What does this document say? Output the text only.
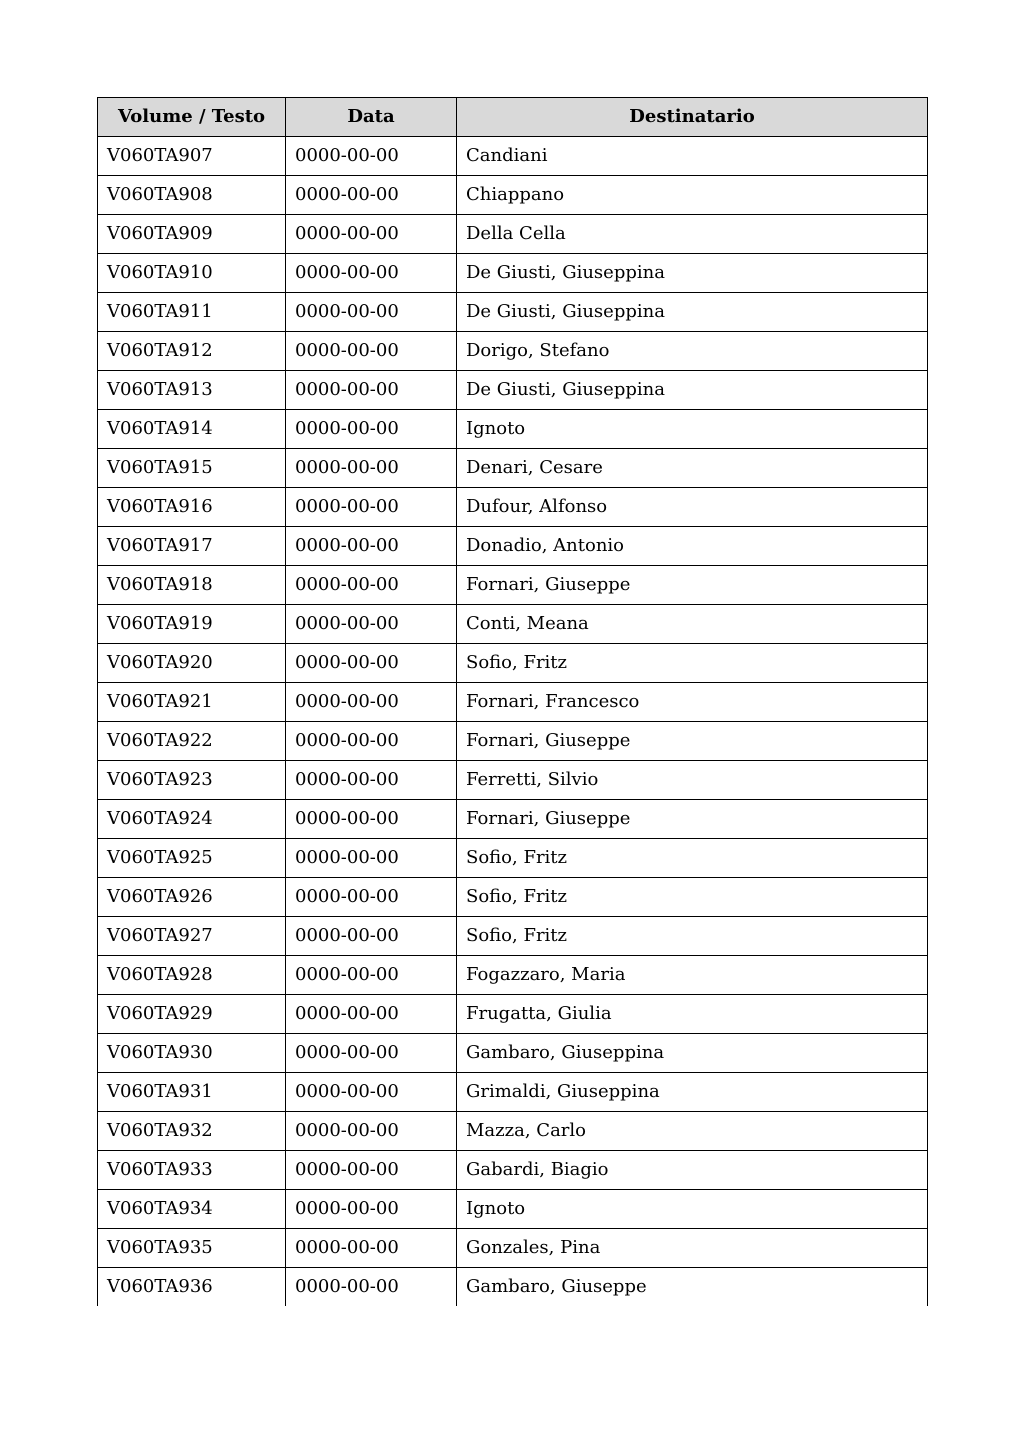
Volume / Testo	Data	Destinatario
V060TA907	0000-00-00	Candiani
V060TA908	0000-00-00	Chiappano
V060TA909	0000-00-00	Della Cella
V060TA910	0000-00-00	De Giusti, Giuseppina
V060TA911	0000-00-00	De Giusti, Giuseppina
V060TA912	0000-00-00	Dorigo, Stefano
V060TA913	0000-00-00	De Giusti, Giuseppina
V060TA914	0000-00-00	Ignoto
V060TA915	0000-00-00	Denari, Cesare
V060TA916	0000-00-00	Dufour, Alfonso
V060TA917	0000-00-00	Donadio, Antonio
V060TA918	0000-00-00	Fornari, Giuseppe
V060TA919	0000-00-00	Conti, Meana
V060TA920	0000-00-00	Sofio, Fritz
V060TA921	0000-00-00	Fornari, Francesco
V060TA922	0000-00-00	Fornari, Giuseppe
V060TA923	0000-00-00	Ferretti, Silvio
V060TA924	0000-00-00	Fornari, Giuseppe
V060TA925	0000-00-00	Sofio, Fritz
V060TA926	0000-00-00	Sofio, Fritz
V060TA927	0000-00-00	Sofio, Fritz
V060TA928	0000-00-00	Fogazzaro, Maria
V060TA929	0000-00-00	Frugatta, Giulia
V060TA930	0000-00-00	Gambaro, Giuseppina
V060TA931	0000-00-00	Grimaldi, Giuseppina
V060TA932	0000-00-00	Mazza, Carlo
V060TA933	0000-00-00	Gabardi, Biagio
V060TA934	0000-00-00	Ignoto
V060TA935	0000-00-00	Gonzales, Pina
V060TA936	0000-00-00	Gambaro, Giuseppe
